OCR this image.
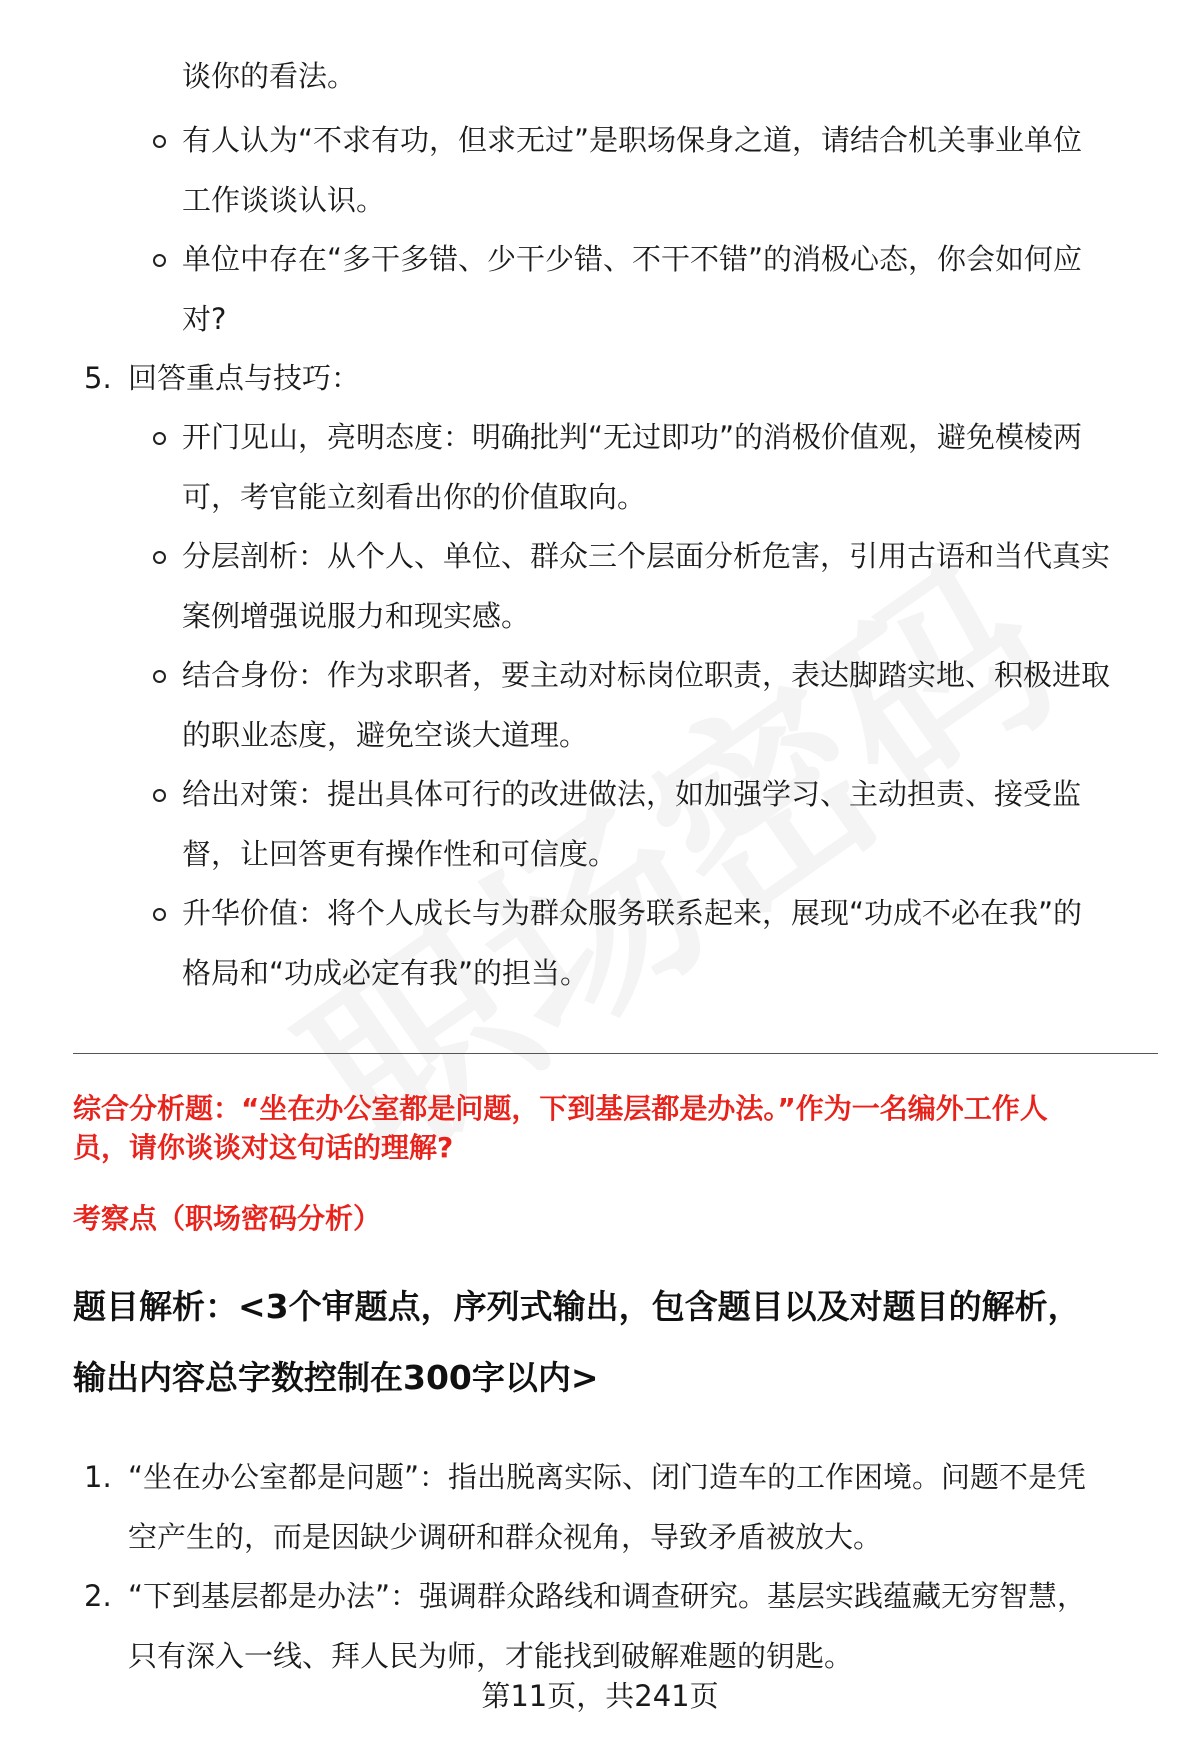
谈你的看法。
有人认为“不求有功，但求无过”是职场保身之道，请结合机关事业单位
工作谈谈认识。
单位中存在“多干多错、少干少错、不干不错”的消极心态，你会如何应
对?
5. 回答重点与技巧：
开门见山，亮明态度：明确批判“无过即功”的消极价值观，避免模棱两
可，考官能立刻看出你的价值取向。
分层剖析：从个人、单位、群众三个层面分析危害，引用古语和当代真实
案例增强说服力和现实感。
结合身份：作为求职者，要主动对标岗位职责，表达脚踏实地、积极进取
的职业态度，避免空谈大道理。
给出对策：提出具体可行的改进做法，如加强学习、主动担责、接受监
督，让回答更有操作性和可信度。
升华价值：将个人成长与为群众服务联系起来，展现“功成不必在我”的
格局和“功成必定有我”的担当。
综合分析题：“坐在办公室都是问题，下到基层都是办法。”作为一名编外工作人
员，请你谈谈对这句话的理解?
考察点（职场密码分析）
题目解析：<3个审题点，序列式输出，包含题目以及对题目的解析，
输出内容总字数控制在300字以内>
1. “坐在办公室都是问题”：指出脱离实际、闭门造车的工作困境。问题不是凭
空产生的，而是因缺少调研和群众视角，导致矛盾被放大。
2. “下到基层都是办法”：强调群众路线和调查研究。基层实践蕴藏无穷智慧，
只有深入一线、拜人民为师，才能找到破解难题的钥匙。
第11页，共241页
